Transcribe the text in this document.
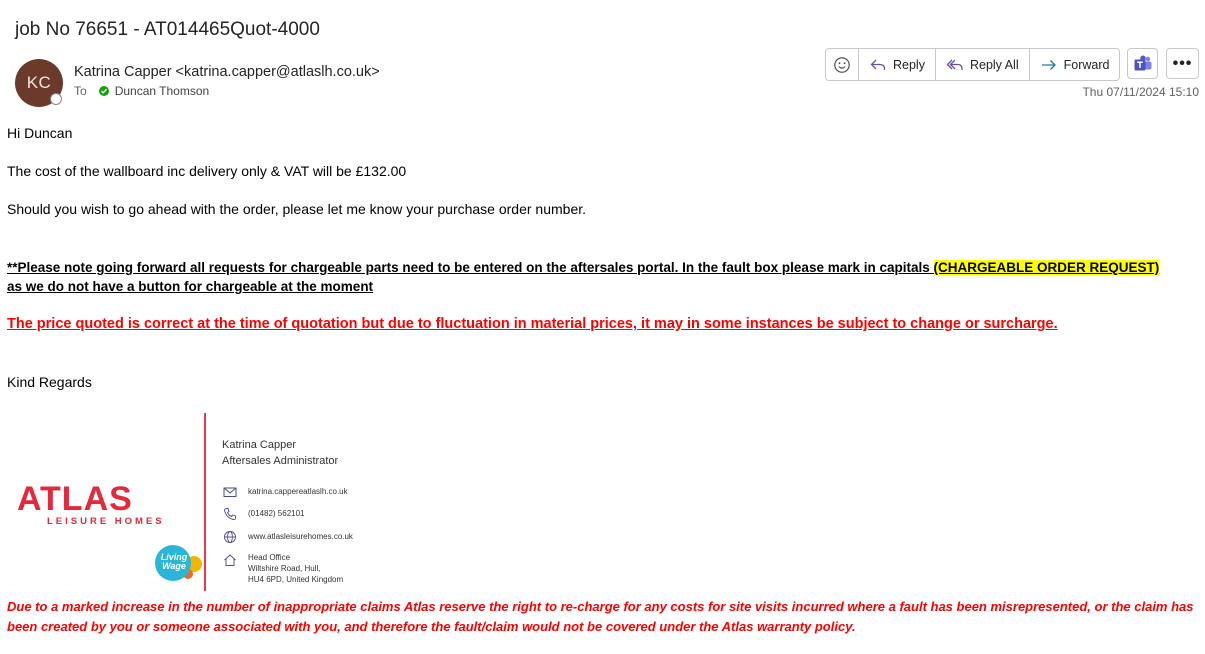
job No 76651 - AT014465Quot-4000
KC
Katrina Capper <katrina.capper@atlaslh.co.uk>
To Duncan Thomson
Reply	Reply All	Forward	•••
Thu 07/11/2024 15:10
Hi Duncan
The cost of the wallboard inc delivery only & VAT will be £132.00
Should you wish to go ahead with the order, please let me know your purchase order number.
**Please note going forward all requests for chargeable parts need to be entered on the aftersales portal. In the fault box please mark in capitals (CHARGEABLE ORDER REQUEST)
as we do not have a button for chargeable at the moment
The price quoted is correct at the time of quotation but due to fluctuation in material prices, it may in some instances be subject to change or surcharge.
Kind Regards
ATLAS
LEISURE HOMES
Living
Wage
Katrina Capper
Aftersales Administrator
katrina.cappereatlaslh.co.uk
(01482) 562101
www.atlasleisurehomes.co.uk
Head Office
Wiltshire Road, Hull,
HU4 6PD, United Kingdom
Due to a marked increase in the number of inappropriate claims Atlas reserve the right to re-charge for any costs for site visits incurred where a fault has been misrepresented, or the claim has been created by you or someone associated with you, and therefore the fault/claim would not be covered under the Atlas warranty policy.
